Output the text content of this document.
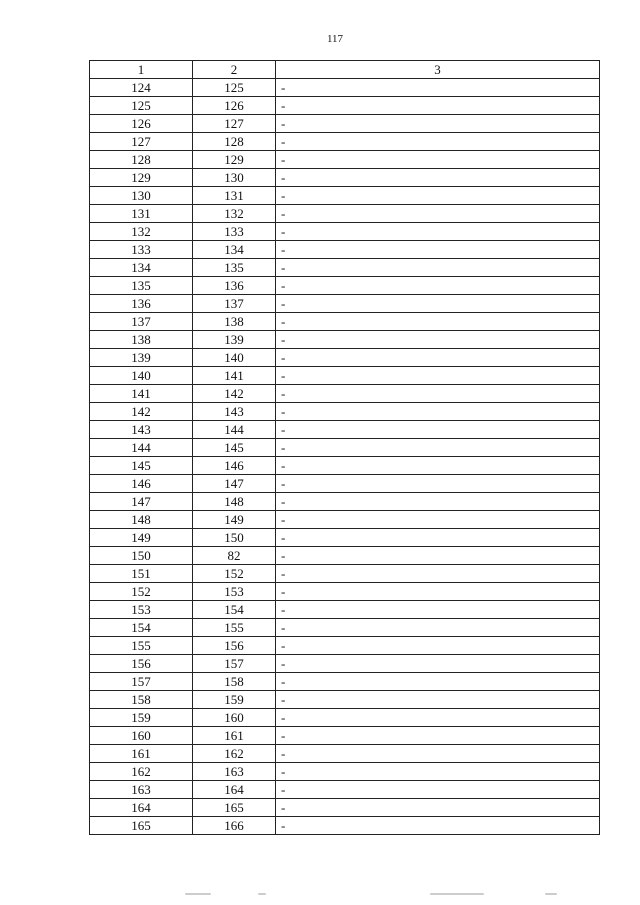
117
1	2	3
124	125	-
125	126	-
126	127	-
127	128	-
128	129	-
129	130	-
130	131	-
131	132	-
132	133	-
133	134	-
134	135	-
135	136	-
136	137	-
137	138	-
138	139	-
139	140	-
140	141	-
141	142	-
142	143	-
143	144	-
144	145	-
145	146	-
146	147	-
147	148	-
148	149	-
149	150	-
150	82	-
151	152	-
152	153	-
153	154	-
154	155	-
155	156	-
156	157	-
157	158	-
158	159	-
159	160	-
160	161	-
161	162	-
162	163	-
163	164	-
164	165	-
165	166	-
